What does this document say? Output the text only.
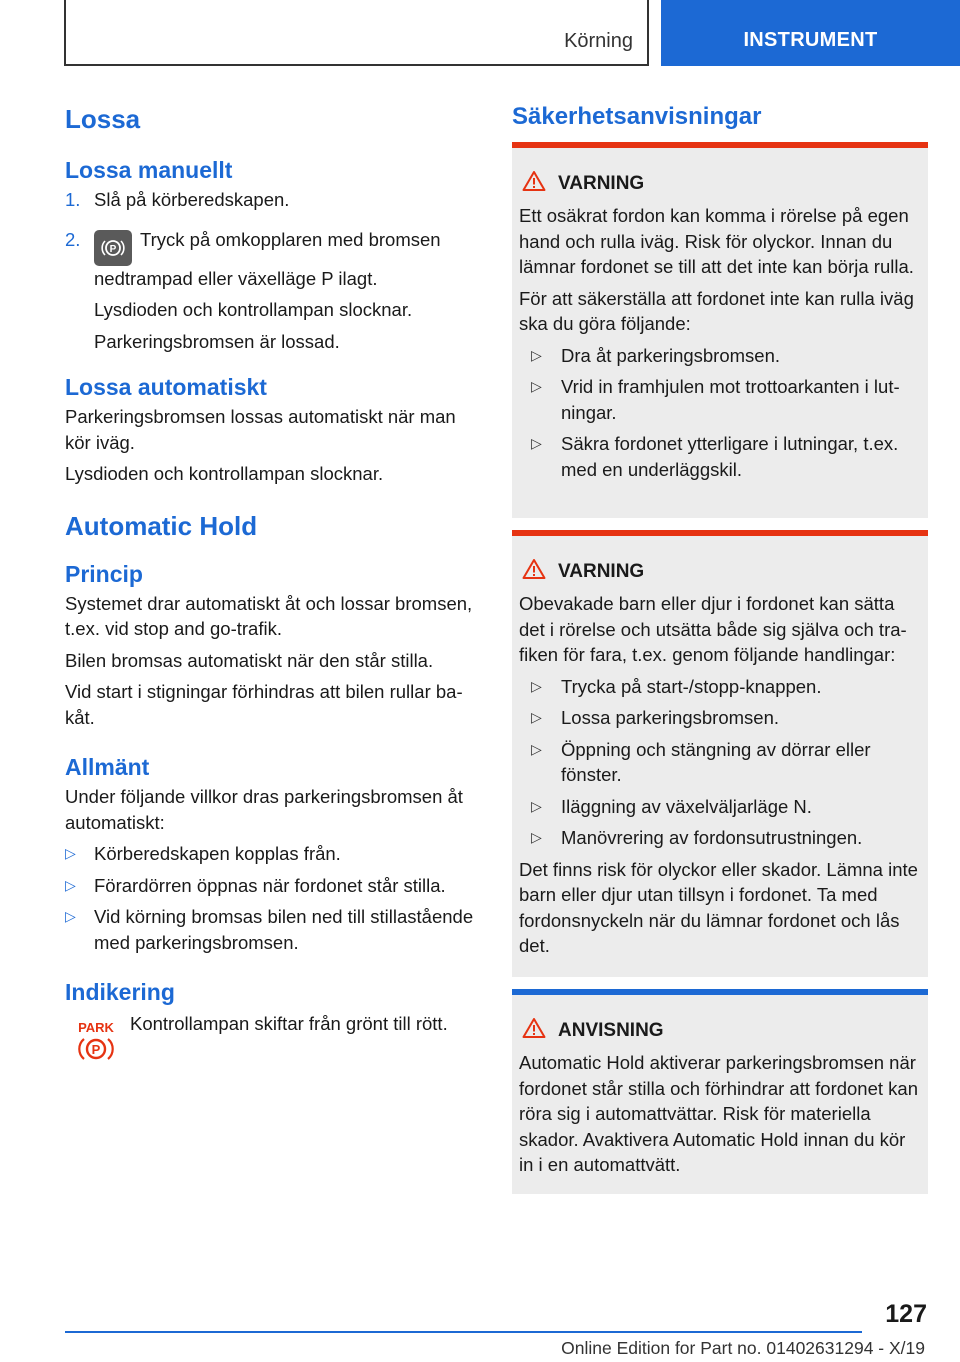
Körning	INSTRUMENT
Lossa
Lossa manuellt
1. Slå på körberedskapen.
2.	P Tryck på omkopplaren med bromsen nedtrampad eller växelläge P ilagt.
Lysdioden och kontrollampan slocknar.
Parkeringsbromsen är lossad.
Lossa automatiskt

Parkeringsbromsen lossas automatiskt när man kör iväg.

Lysdioden och kontrollampan slocknar.

Automatic Hold
Princip

Systemet drar automatiskt åt och lossar bromsen, t.ex. vid stop and go-trafik.

Bilen bromsas automatiskt när den står stilla.

Vid start i stigningar förhindras att bilen rullar bakåt.

Allmänt

Under följande villkor dras parkeringsbromsen åt automatiskt:

▷ Körberedskapen kopplas från.
▷ Förardörren öppnas när fordonet står stilla.
▷ Vid körning bromsas bilen ned till stillastående med parkeringsbromsen.
Indikering
PARK
P

Kontrollampan skiftar från grönt till rött.

Säkerhetsanvisningar
VARNING

Ett osäkrat fordon kan komma i rörelse på egen hand och rulla iväg. Risk för olyckor. Innan du lämnar fordonet se till att det inte kan börja rulla.

För att säkerställa att fordonet inte kan rulla iväg ska du göra följande:

▷ Dra åt parkeringsbromsen.
▷ Vrid in framhjulen mot trottoarkanten i lutningar.
▷ Säkra fordonet ytterligare i lutningar, t.ex. med en underläggskil.
VARNING

Obevakade barn eller djur i fordonet kan sätta det i rörelse och utsätta både sig själva och trafiken för fara, t.ex. genom följande handlingar:

▷ Trycka på start-/stopp-knappen.
▷ Lossa parkeringsbromsen.
▷ Öppning och stängning av dörrar eller fönster.
▷ Iläggning av växelväljarläge N.
▷ Manövrering av fordonsutrustningen.

Det finns risk för olyckor eller skador. Lämna inte barn eller djur utan tillsyn i fordonet. Ta med fordonsnyckeln när du lämnar fordonet och lås det.

ANVISNING

Automatic Hold aktiverar parkeringsbromsen när fordonet står stilla och förhindrar att fordonet kan röra sig i automattvättar. Risk för materiella skador. Avaktivera Automatic Hold innan du kör in i en automattvätt.

127
Online Edition for Part no. 01402631294 - X/19
